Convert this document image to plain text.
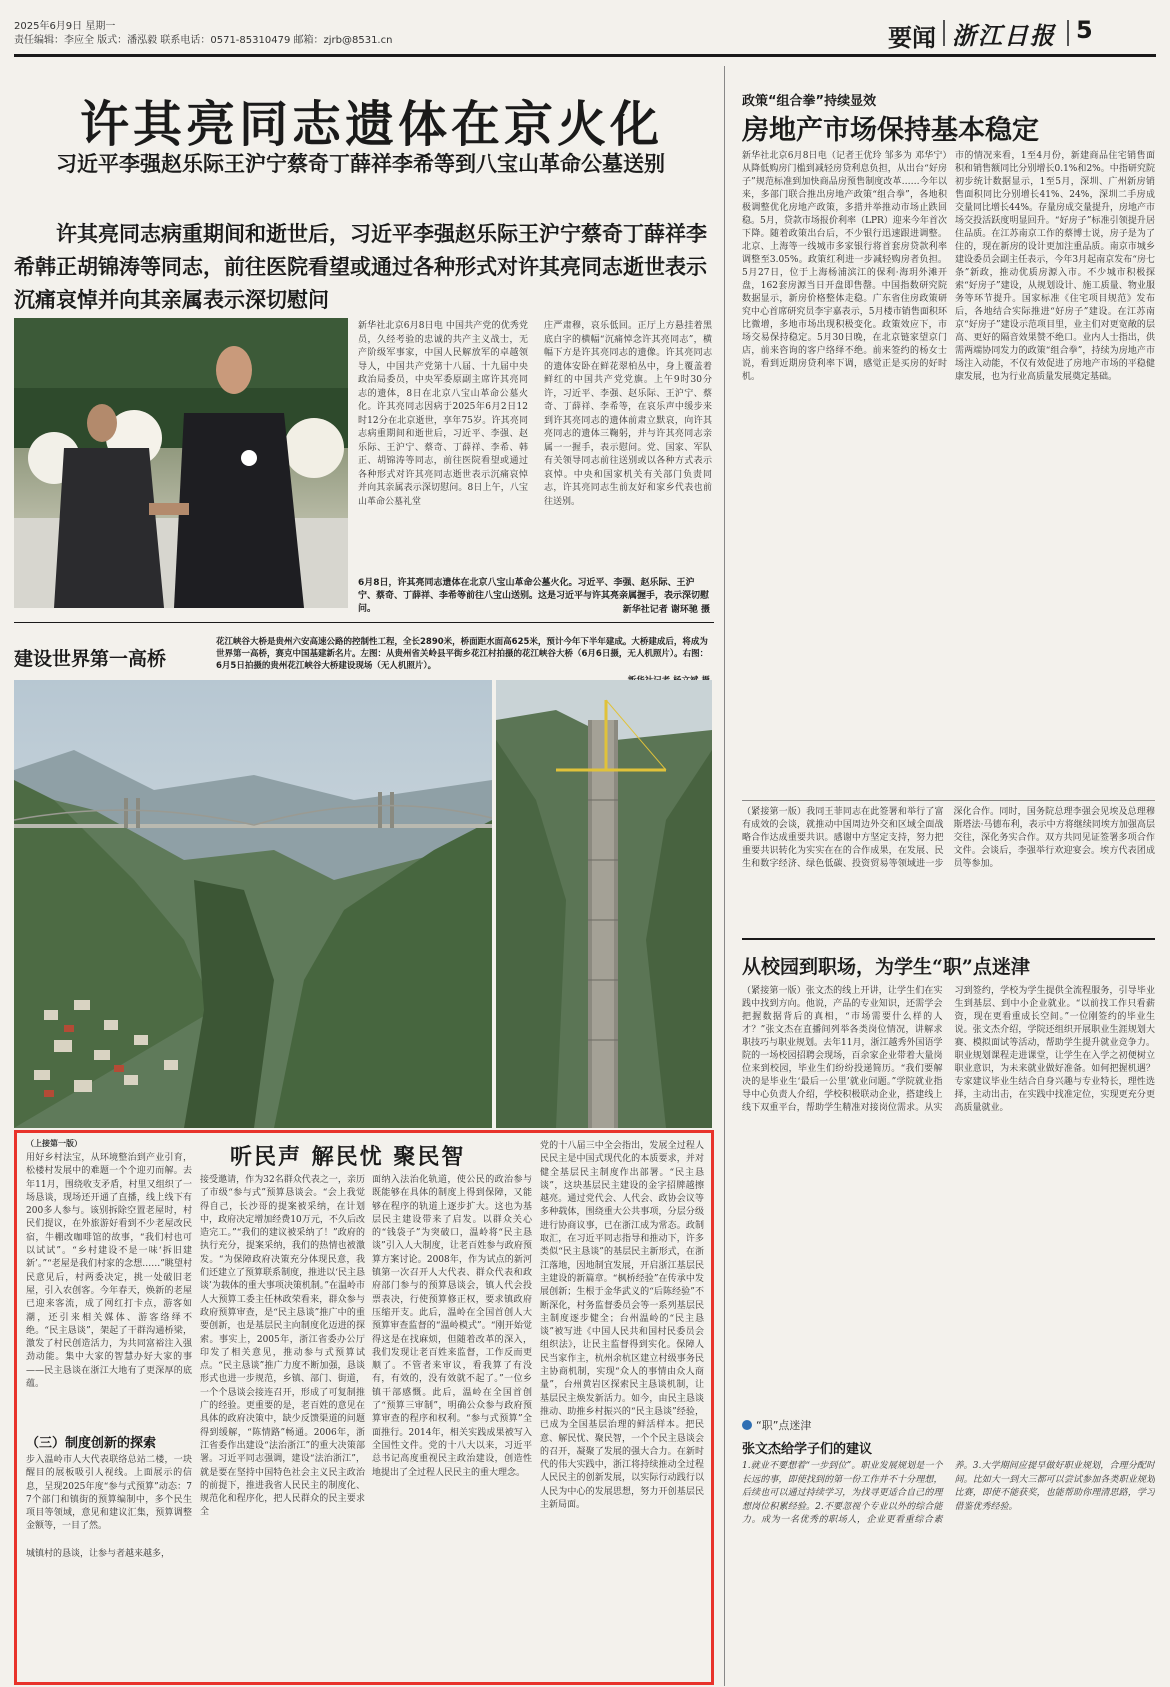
2025年6月9日 星期一
责任编辑：李应全 版式：潘泓毅 联系电话：0571-85310479 邮箱：zjrb@8531.cn	要闻 浙江日报 5
许其亮同志遗体在京火化
习近平李强赵乐际王沪宁蔡奇丁薛祥李希等到八宝山革命公墓送别
许其亮同志病重期间和逝世后，习近平李强赵乐际王沪宁蔡奇丁薛祥李希韩正胡锦涛等同志，前往医院看望或通过各种形式对许其亮同志逝世表示沉痛哀悼并向其亲属表示深切慰问
新华社北京6月8日电 中国共产党的优秀党员，久经考验的忠诚的共产主义战士，无产阶级军事家，中国人民解放军的卓越领导人，中国共产党第十八届、十九届中央政治局委员，中央军委原副主席许其亮同志的遗体，8日在北京八宝山革命公墓火化。许其亮同志因病于2025年6月2日12时12分在北京逝世，享年75岁。许其亮同志病重期间和逝世后，习近平、李强、赵乐际、王沪宁、蔡奇、丁薛祥、李希、韩正、胡锦涛等同志，前往医院看望或通过各种形式对许其亮同志逝世表示沉痛哀悼并向其亲属表示深切慰问。8日上午，八宝山革命公墓礼堂
庄严肃穆，哀乐低回。正厅上方悬挂着黑底白字的横幅“沉痛悼念许其亮同志”，横幅下方是许其亮同志的遗像。许其亮同志的遗体安卧在鲜花翠柏丛中，身上覆盖着鲜红的中国共产党党旗。上午9时30分许，习近平、李强、赵乐际、王沪宁、蔡奇、丁薛祥、李希等，在哀乐声中缓步来到许其亮同志的遗体前肃立默哀，向许其亮同志的遗体三鞠躬，并与许其亮同志亲属一一握手，表示慰问。党、国家、军队有关领导同志前往送别或以各种方式表示哀悼。中央和国家机关有关部门负责同志，许其亮同志生前友好和家乡代表也前往送别。
6月8日，许其亮同志遗体在北京八宝山革命公墓火化。习近平、李强、赵乐际、王沪宁、蔡奇、丁薛祥、李希等前往八宝山送别。这是习近平与许其亮亲属握手，表示深切慰问。	新华社记者 谢环驰 摄
建设世界第一高桥
花江峡谷大桥是贵州六安高速公路的控制性工程，全长2890米，桥面距水面高625米，预计今年下半年建成。大桥建成后，将成为世界第一高桥，赛克中国基建新名片。左图：从贵州省关岭县平街乡花江村拍摄的花江峡谷大桥（6月6日摄，无人机照片）。右图：6月5日拍摄的贵州花江峡谷大桥建设现场（无人机照片）。
政策“组合拳”持续显效
房地产市场保持基本稳定
新华社北京6月8日电（记者王优玲 邹多为 邓华宁）从降低购房门槛到减轻房贷利息负担，从出台“好房子”规范标准到加快商品房预售制度改革……今年以来，多部门联合推出房地产政策“组合拳”，各地积极调整优化房地产政策，多措并举推动市场止跌回稳。5月，贷款市场报价利率（LPR）迎来今年首次下降。随着政策出台后，不少银行迅速跟进调整。北京、上海等一线城市多家银行将首套房贷款利率调整至3.05%。政策红利进一步减轻购房者负担。5月27日，位于上海杨浦滨江的保利·海玥外滩开盘，162套房源当日开盘即售罄。中国指数研究院数据显示，新房价格整体走稳。广东省住房政策研究中心首席研究员李宇嘉表示，5月楼市销售面积环比微增，多地市场出现积极变化。政策效应下，市场交易保持稳定。5月30日晚，在北京链家望京门店，前来咨询的客户络绎不绝。前来签约的杨女士说，看到近期房贷利率下调，感觉正是买房的好时机。
市的情况来看，1至4月份，新建商品住宅销售面积和销售额同比分别增长0.1%和2%。中指研究院初步统计数据显示，1至5月，深圳、广州新房销售面积同比分别增长41%、24%，深圳二手房成交量同比增长44%。存量房成交量提升，房地产市场交投活跃度明显回升。“好房子”标准引领提升居住品质。在江苏南京工作的蔡博士说，房子是为了住的，现在新房的设计更加注重品质。南京市城乡建设委员会副主任表示，今年3月起南京发布“房七条”新政，推动优质房源入市。不少城市积极探索“好房子”建设，从规划设计、施工质量、物业服务等环节提升。国家标准《住宅项目规范》发布后，各地结合实际推进“好房子”建设。在江苏南京“好房子”建设示范项目里，业主们对更宽敞的层高、更好的隔音效果赞不绝口。业内人士指出，供需两端协同发力的政策“组合拳”，持续为房地产市场注入动能，不仅有效促进了房地产市场的平稳健康发展，也为行业高质量发展奠定基础。
（紧接第一版）我同王菲同志在此签署和举行了富有成效的会谈，就推动中国周边外交和区域全面战略合作达成重要共识。感谢中方坚定支持，努力把重要共识转化为实实在在的合作成果，在发展、民生和数字经济、绿色低碳、投资贸易等领域进一步深化合作。同时，国务院总理李强会见埃及总理穆斯塔法·马德布利，表示中方将继续同埃方加强高层交往，深化务实合作。双方共同见证签署多项合作文件。会谈后，李强举行欢迎宴会。埃方代表团成员等参加。
从校园到职场，为学生“职”点迷津
（紧接第一版）张文杰的线上开讲，让学生们在实践中找到方向。他说，产品的专业知识，还需学会把握数据背后的真相，“市场需要什么样的人才？”张文杰在直播间列举各类岗位情况，讲解求职技巧与职业规划。去年11月，浙江越秀外国语学院的一场校园招聘会现场，百余家企业带着大量岗位来到校园，毕业生们纷纷投递简历。“我们要解决的是毕业生‘最后一公里’就业问题。”学院就业指导中心负责人介绍，学校积极联动企业，搭建线上线下双重平台，帮助学生精准对接岗位需求。从实习到签约，学校为学生提供全流程服务，引导毕业生到基层、到中小企业就业。“以前找工作只看薪资，现在更看重成长空间。”一位刚签约的毕业生说。张文杰介绍，学院还组织开展职业生涯规划大赛、模拟面试等活动，帮助学生提升就业竞争力。职业规划课程走进课堂，让学生在入学之初便树立职业意识，为未来就业做好准备。如何把握机遇？专家建议毕业生结合自身兴趣与专业特长，理性选择，主动出击，在实践中找准定位，实现更充分更高质量就业。
“职”点迷津
张文杰给学子们的建议
1.就业不要想着“一步到位”。职业发展规划是一个长远的事，即使找到的第一份工作并不十分理想，后续也可以通过持续学习，为找寻更适合自己的理想岗位积累经验。2.不要忽视个专业以外的综合能力。成为一名优秀的职场人，企业更看重综合素养。3.大学期间应提早做好职业规划，合理分配时间。比如大一到大三都可以尝试参加各类职业规划比赛，即使不能获奖，也能帮助你理清思路，学习借鉴优秀经验。
听民声 解民忧 聚民智
（上接第一版）
用好乡村法宝，从环境整治到产业引育，松楼村发展中的难题一个个迎刃而解。去年11月，围绕收支矛盾，村里又组织了一场恳谈，现场还开通了直播，线上线下有200多人参与。该别拆除空置老屋时，村民们提议，在外旅游好看到不少老屋改民宿，牛棚改咖啡馆的故事，“我们村也可以试试”。“乡村建设不是一味‘拆旧建新’。”“老屋是我们村家的念想……”眺望村民意见后，村两委决定，挑一处破旧老屋，引入农创客。今年春天，焕新的老屋已迎来客流，成了网红打卡点，游客如潮，还引来相关媒体、游客络绎不绝。“民主恳谈”，架起了干群沟通桥梁，激发了村民创造活力，为共同富裕注入强劲动能。集中大家的智慧办好大家的事——民主恳谈在浙江大地有了更深厚的底蕴。
（三）制度创新的探索
步入温岭市人大代表联络总站二楼，一块醒目的展板吸引人视线。上面展示的信息，呈现2025年度“参与式预算”动态：77个部门和镇街的预算编制中，多个民生项目等领域，意见和建议汇集，预算调整金额等，一目了然。
城镇村的恳谈，让参与者越来越多，
接受邀请，作为32名群众代表之一，亲历了市级“参与式”预算恳谈会。“会上我觉得自己，长沙哥的提案被采纳，在计划中，政府决定增加经费10万元，不久后改造完工。”“我们的建议被采纳了！”政府的执行充分，提案采纳，我们的热情也被激发。“为保障政府决策充分体现民意，我们还建立了预算联系制度，推进以‘民主恳谈’为载体的重大事项决策机制。”在温岭市人大预算工委主任林政荣看来，群众参与政府预算审查，是“民主恳谈”推广中的重要创新，也是基层民主向制度化迈进的探索。事实上，2005年，浙江省委办公厅印发了相关意见，推动参与式预算试点。“民主恳谈”推广力度不断加强，恳谈形式也进一步规范，乡镇、部门、街道，一个个恳谈会接连召开，形成了可复制推广的经验。更重要的是，老百姓的意见在具体的政府决策中，缺少反馈渠道的问题得到缓解，“陈情路”畅通。2006年，浙江省委作出建设“法治浙江”的重大决策部署。习近平同志强调，建设“法治浙江”，就是要在坚持中国特色社会主义民主政治的前提下，推进我省人民民主的制度化、规范化和程序化，把人民群众的民主要求全
面纳入法治化轨道，使公民的政治参与既能够在具体的制度上得到保障，又能够在程序的轨道上逐步扩大。这也为基层民主建设带来了启发。以群众关心的“钱袋子”为突破口，温岭将“民主恳谈”引入人大制度，让老百姓参与政府预算方案讨论。2008年，作为试点的新河镇第一次召开人大代表、群众代表和政府部门参与的预算恳谈会，镇人代会投票表决，行使预算修正权，要求镇政府压缩开支。此后，温岭在全国首创人大预算审查监督的“温岭模式”。“刚开始觉得这是在找麻烦，但随着改革的深入，我们发现让老百姓来监督，工作反而更顺了。不管者来审议，看我算了有没有，有效的，没有效就不起了。”一位乡镇干部感慨。此后，温岭在全国首创了“预算三审制”，明确公众参与政府预算审查的程序和权利。“参与式预算”全面推行。2014年，相关实践成果被写入全国性文件。党的十八大以来，习近平总书记高度重视民主政治建设，创造性地提出了全过程人民民主的重大理念。
党的十八届三中全会指出，发展全过程人民民主是中国式现代化的本质要求，并对健全基层民主制度作出部署。“民主恳谈”，这块基层民主建设的金字招牌越擦越亮。通过党代会、人代会、政协会议等多种载体，围绕重大公共事项，分层分级进行协商议事，已在浙江成为常态。政制取汇，在习近平同志指导和推动下，许多类似“民主恳谈”的基层民主新形式，在浙江落地，因地制宜发展，开启浙江基层民主建设的新篇章。“枫桥经验”在传承中发展创新；生根于金华武义的“后陈经验”不断深化，村务监督委员会等一系列基层民主制度逐步健全；台州温岭的“民主恳谈”被写进《中国人民共和国村民委员会组织法》，让民主监督得到实化。保障人民当家作主，杭州余杭区建立村级事务民主协商机制，实现“众人的事情由众人商量”，台州黄岩区探索民主恳谈机制，让基层民主焕发新活力。如今，由民主恳谈推动、助推乡村振兴的“民主恳谈”经验，已成为全国基层治理的鲜活样本。把民意、解民忧、聚民智，一个个民主恳谈会的召开，凝聚了发展的强大合力。在新时代的伟大实践中，浙江将持续推动全过程人民民主的创新发展，以实际行动践行以人民为中心的发展思想，努力开创基层民主新局面。
